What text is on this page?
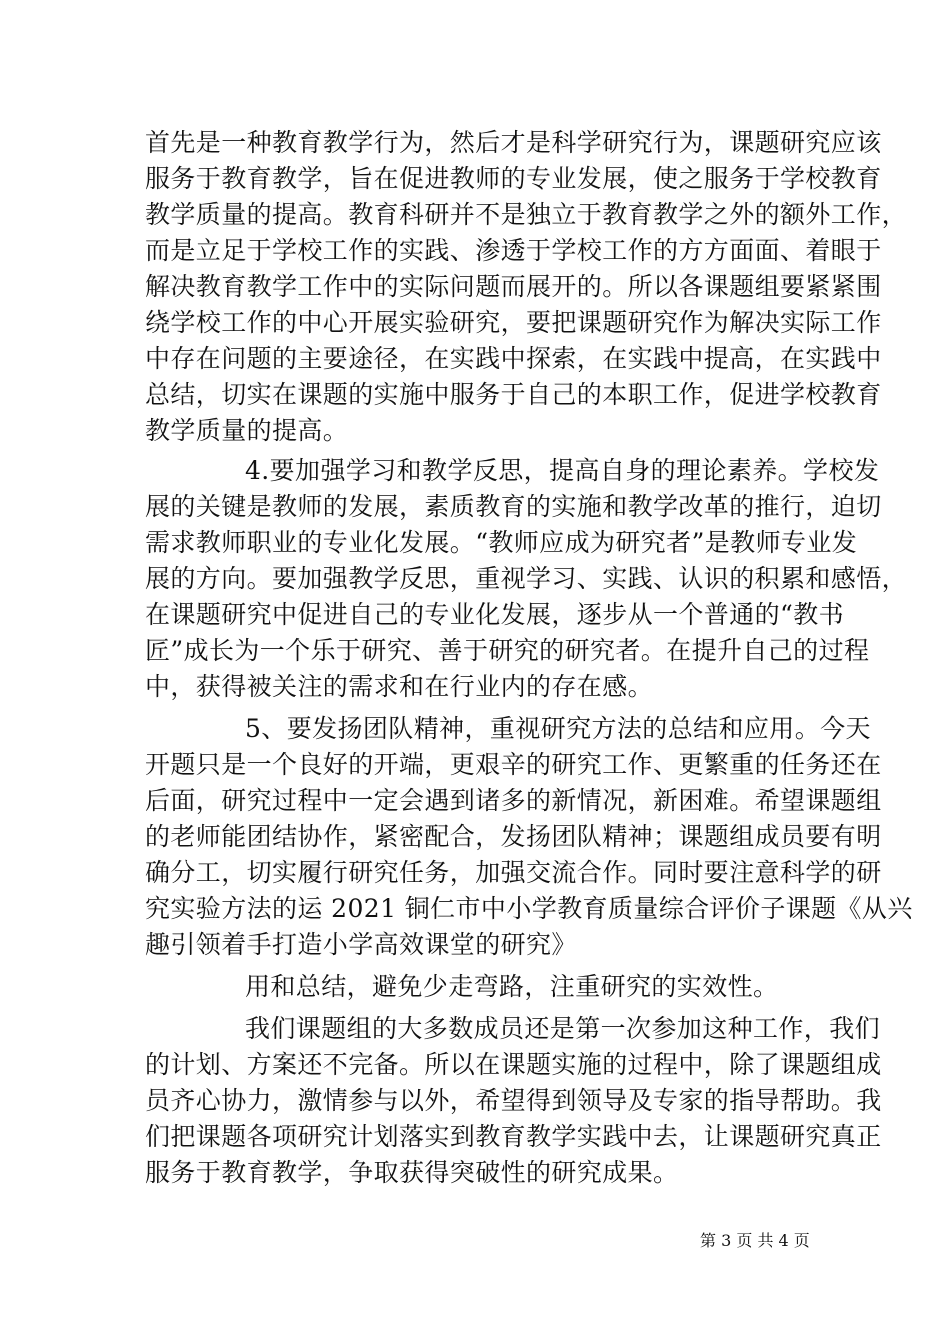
首先是一种教育教学行为，然后才是科学研究行为，课题研究应该
服务于教育教学，旨在促进教师的专业发展，使之服务于学校教育
教学质量的提高。教育科研并不是独立于教育教学之外的额外工作，
而是立足于学校工作的实践、渗透于学校工作的方方面面、着眼于
解决教育教学工作中的实际问题而展开的。所以各课题组要紧紧围
绕学校工作的中心开展实验研究，要把课题研究作为解决实际工作
中存在问题的主要途径，在实践中探索，在实践中提高，在实践中
总结，切实在课题的实施中服务于自己的本职工作，促进学校教育
教学质量的提高。
4.要加强学习和教学反思，提高自身的理论素养。学校发
展的关键是教师的发展，素质教育的实施和教学改革的推行，迫切
需求教师职业的专业化发展。“教师应成为研究者”是教师专业发
展的方向。要加强教学反思，重视学习、实践、认识的积累和感悟，
在课题研究中促进自己的专业化发展，逐步从一个普通的“教书
匠”成长为一个乐于研究、善于研究的研究者。在提升自己的过程
中，获得被关注的需求和在行业内的存在感。
5、要发扬团队精神，重视研究方法的总结和应用。今天
开题只是一个良好的开端，更艰辛的研究工作、更繁重的任务还在
后面，研究过程中一定会遇到诸多的新情况，新困难。希望课题组
的老师能团结协作，紧密配合，发扬团队精神；课题组成员要有明
确分工，切实履行研究任务，加强交流合作。同时要注意科学的研
究实验方法的运 2021 铜仁市中小学教育质量综合评价子课题《从兴
趣引领着手打造小学高效课堂的研究》
用和总结，避免少走弯路，注重研究的实效性。
我们课题组的大多数成员还是第一次参加这种工作，我们
的计划、方案还不完备。所以在课题实施的过程中，除了课题组成
员齐心协力，激情参与以外，希望得到领导及专家的指导帮助。我
们把课题各项研究计划落实到教育教学实践中去，让课题研究真正
服务于教育教学，争取获得突破性的研究成果。
第 3 页 共 4 页
